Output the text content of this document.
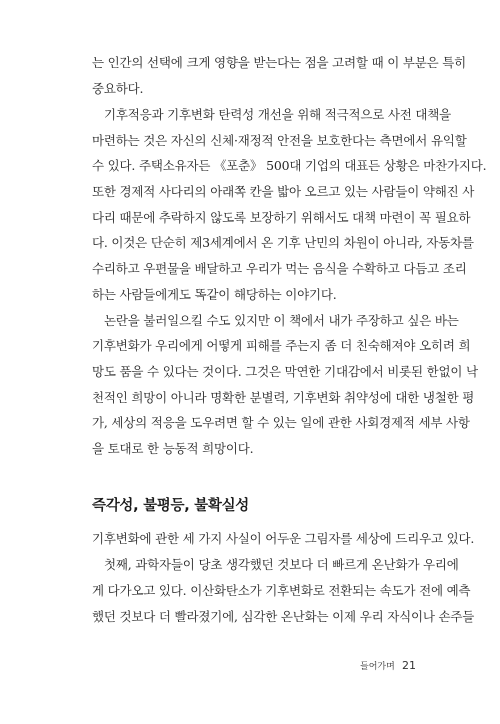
는 인간의 선택에 크게 영향을 받는다는 점을 고려할 때 이 부분은 특히
중요하다.
기후적응과 기후변화 탄력성 개선을 위해 적극적으로 사전 대책을
마련하는 것은 자신의 신체·재정적 안전을 보호한다는 측면에서 유익할
수 있다. 주택소유자든 《포춘》 500대 기업의 대표든 상황은 마찬가지다.
또한 경제적 사다리의 아래쪽 칸을 밟아 오르고 있는 사람들이 약해진 사
다리 때문에 추락하지 않도록 보장하기 위해서도 대책 마련이 꼭 필요하
다. 이것은 단순히 제3세계에서 온 기후 난민의 차원이 아니라, 자동차를
수리하고 우편물을 배달하고 우리가 먹는 음식을 수확하고 다듬고 조리
하는 사람들에게도 똑같이 해당하는 이야기다.
논란을 불러일으킬 수도 있지만 이 책에서 내가 주장하고 싶은 바는
기후변화가 우리에게 어떻게 피해를 주는지 좀 더 친숙해져야 오히려 희
망도 품을 수 있다는 것이다. 그것은 막연한 기대감에서 비롯된 한없이 낙
천적인 희망이 아니라 명확한 분별력, 기후변화 취약성에 대한 냉철한 평
가, 세상의 적응을 도우려면 할 수 있는 일에 관한 사회경제적 세부 사항
을 토대로 한 능동적 희망이다.
즉각성, 불평등, 불확실성
기후변화에 관한 세 가지 사실이 어두운 그림자를 세상에 드리우고 있다.
첫째, 과학자들이 당초 생각했던 것보다 더 빠르게 온난화가 우리에
게 다가오고 있다. 이산화탄소가 기후변화로 전환되는 속도가 전에 예측
했던 것보다 더 빨라졌기에, 심각한 온난화는 이제 우리 자식이나 손주들
들어가며 21
